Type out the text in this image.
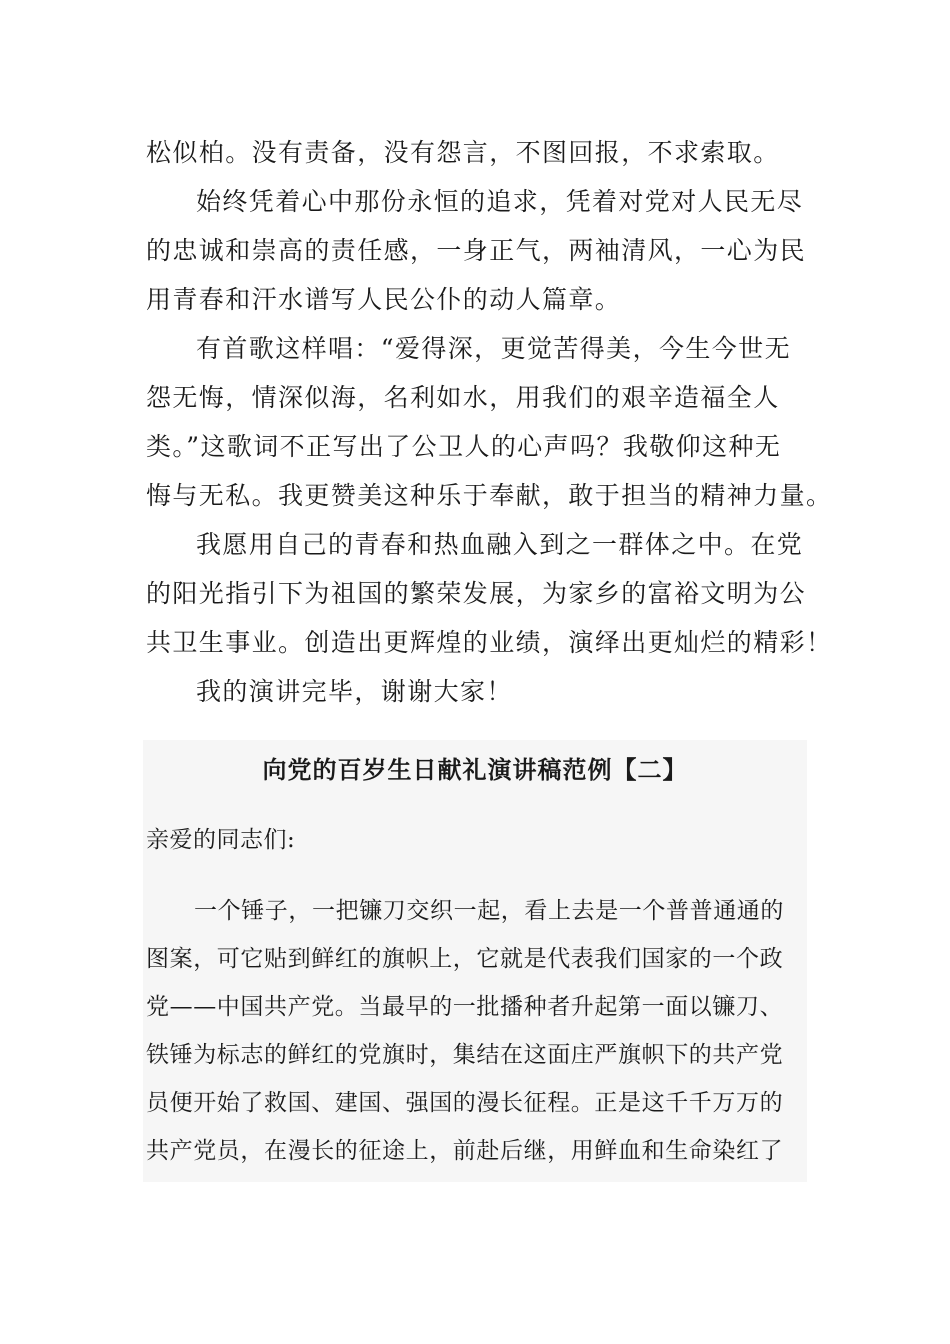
松似柏。没有责备，没有怨言，不图回报，不求索取。
始终凭着心中那份永恒的追求，凭着对党对人民无尽
的忠诚和崇高的责任感，一身正气，两袖清风，一心为民
用青春和汗水谱写人民公仆的动人篇章。
有首歌这样唱：“爱得深，更觉苦得美，今生今世无
怨无悔，情深似海，名利如水，用我们的艰辛造福全人
类。”这歌词不正写出了公卫人的心声吗？我敬仰这种无
悔与无私。我更赞美这种乐于奉献，敢于担当的精神力量。
我愿用自己的青春和热血融入到之一群体之中。在党
的阳光指引下为祖国的繁荣发展，为家乡的富裕文明为公
共卫生事业。创造出更辉煌的业绩，演绎出更灿烂的精彩！
我的演讲完毕，谢谢大家！
向党的百岁生日献礼演讲稿范例【二】
亲爱的同志们:
一个锤子，一把镰刀交织一起，看上去是一个普普通通的
图案，可它贴到鲜红的旗帜上，它就是代表我们国家的一个政
党——中国共产党。当最早的一批播种者升起第一面以镰刀、
铁锤为标志的鲜红的党旗时，集结在这面庄严旗帜下的共产党
员便开始了救国、建国、强国的漫长征程。正是这千千万万的
共产党员，在漫长的征途上，前赴后继，用鲜血和生命染红了
